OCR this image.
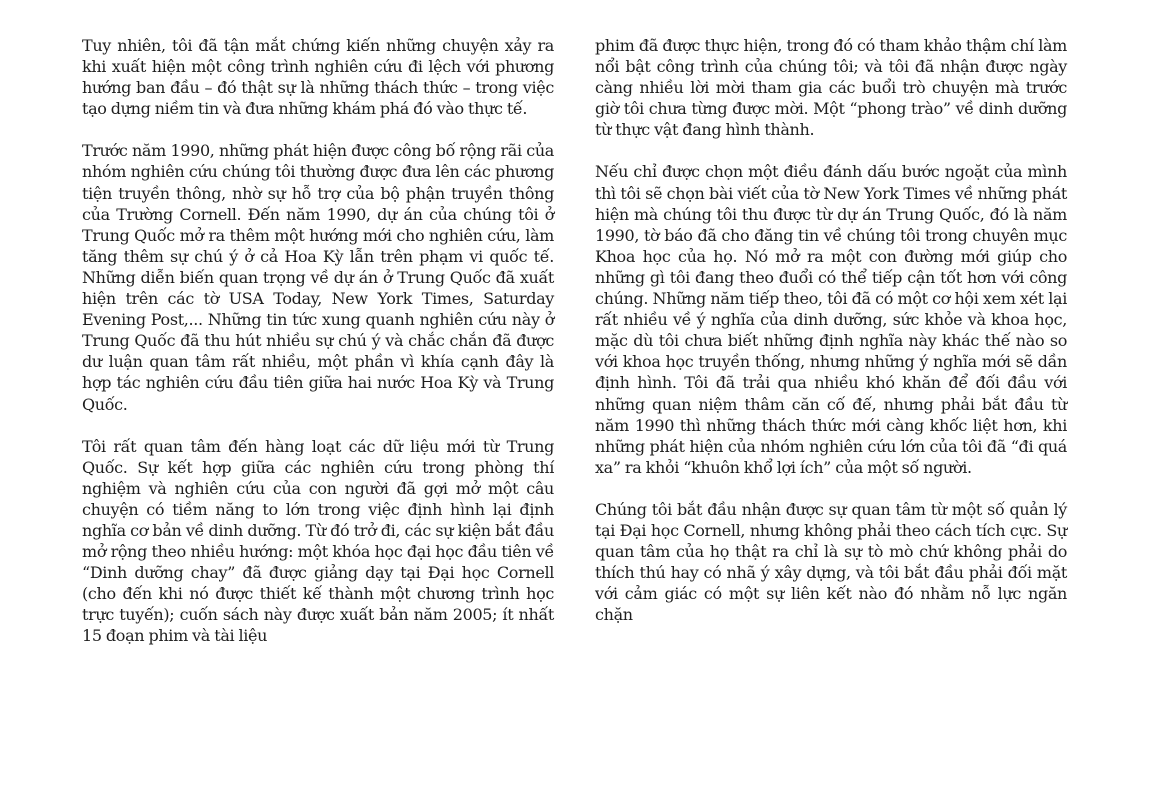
Tuy nhiên, tôi đã tận mắt chứng kiến những chuyện xảy ra khi xuất hiện một công trình nghiên cứu đi lệch với phương hướng ban đầu – đó thật sự là những thách thức – trong việc tạo dựng niềm tin và đưa những khám phá đó vào thực tế.

Trước năm 1990, những phát hiện được công bố rộng rãi của nhóm nghiên cứu chúng tôi thường được đưa lên các phương tiện truyền thông, nhờ sự hỗ trợ của bộ phận truyền thông của Trường Cornell. Đến năm 1990, dự án của chúng tôi ở Trung Quốc mở ra thêm một hướng mới cho nghiên cứu, làm tăng thêm sự chú ý ở cả Hoa Kỳ lẫn trên phạm vi quốc tế. Những diễn biến quan trọng về dự án ở Trung Quốc đã xuất hiện trên các tờ USA Today, New York Times, Saturday Evening Post,... Những tin tức xung quanh nghiên cứu này ở Trung Quốc đã thu hút nhiều sự chú ý và chắc chắn đã được dư luận quan tâm rất nhiều, một phần vì khía cạnh đây là hợp tác nghiên cứu đầu tiên giữa hai nước Hoa Kỳ và Trung Quốc.

Tôi rất quan tâm đến hàng loạt các dữ liệu mới từ Trung Quốc. Sự kết hợp giữa các nghiên cứu trong phòng thí nghiệm và nghiên cứu của con người đã gợi mở một câu chuyện có tiềm năng to lớn trong việc định hình lại định nghĩa cơ bản về dinh dưỡng. Từ đó trở đi, các sự kiện bắt đầu mở rộng theo nhiều hướng: một khóa học đại học đầu tiên về “Dinh dưỡng chay” đã được giảng dạy tại Đại học Cornell (cho đến khi nó được thiết kế thành một chương trình học trực tuyến); cuốn sách này được xuất bản năm 2005; ít nhất 15 đoạn phim và tài liệu

phim đã được thực hiện, trong đó có tham khảo thậm chí làm nổi bật công trình của chúng tôi; và tôi đã nhận được ngày càng nhiều lời mời tham gia các buổi trò chuyện mà trước giờ tôi chưa từng được mời. Một “phong trào” về dinh dưỡng từ thực vật đang hình thành.

Nếu chỉ được chọn một điều đánh dấu bước ngoặt của mình thì tôi sẽ chọn bài viết của tờ New York Times về những phát hiện mà chúng tôi thu được từ dự án Trung Quốc, đó là năm 1990, tờ báo đã cho đăng tin về chúng tôi trong chuyên mục Khoa học của họ. Nó mở ra một con đường mới giúp cho những gì tôi đang theo đuổi có thể tiếp cận tốt hơn với công chúng. Những năm tiếp theo, tôi đã có một cơ hội xem xét lại rất nhiều về ý nghĩa của dinh dưỡng, sức khỏe và khoa học, mặc dù tôi chưa biết những định nghĩa này khác thế nào so với khoa học truyền thống, nhưng những ý nghĩa mới sẽ dần định hình. Tôi đã trải qua nhiều khó khăn để đối đầu với những quan niệm thâm căn cố đế, nhưng phải bắt đầu từ năm 1990 thì những thách thức mới càng khốc liệt hơn, khi những phát hiện của nhóm nghiên cứu lớn của tôi đã “đi quá xa” ra khỏi “khuôn khổ lợi ích” của một số người.

Chúng tôi bắt đầu nhận được sự quan tâm từ một số quản lý tại Đại học Cornell, nhưng không phải theo cách tích cực. Sự quan tâm của họ thật ra chỉ là sự tò mò chứ không phải do thích thú hay có nhã ý xây dựng, và tôi bắt đầu phải đối mặt với cảm giác có một sự liên kết nào đó nhằm nỗ lực ngăn chặn
